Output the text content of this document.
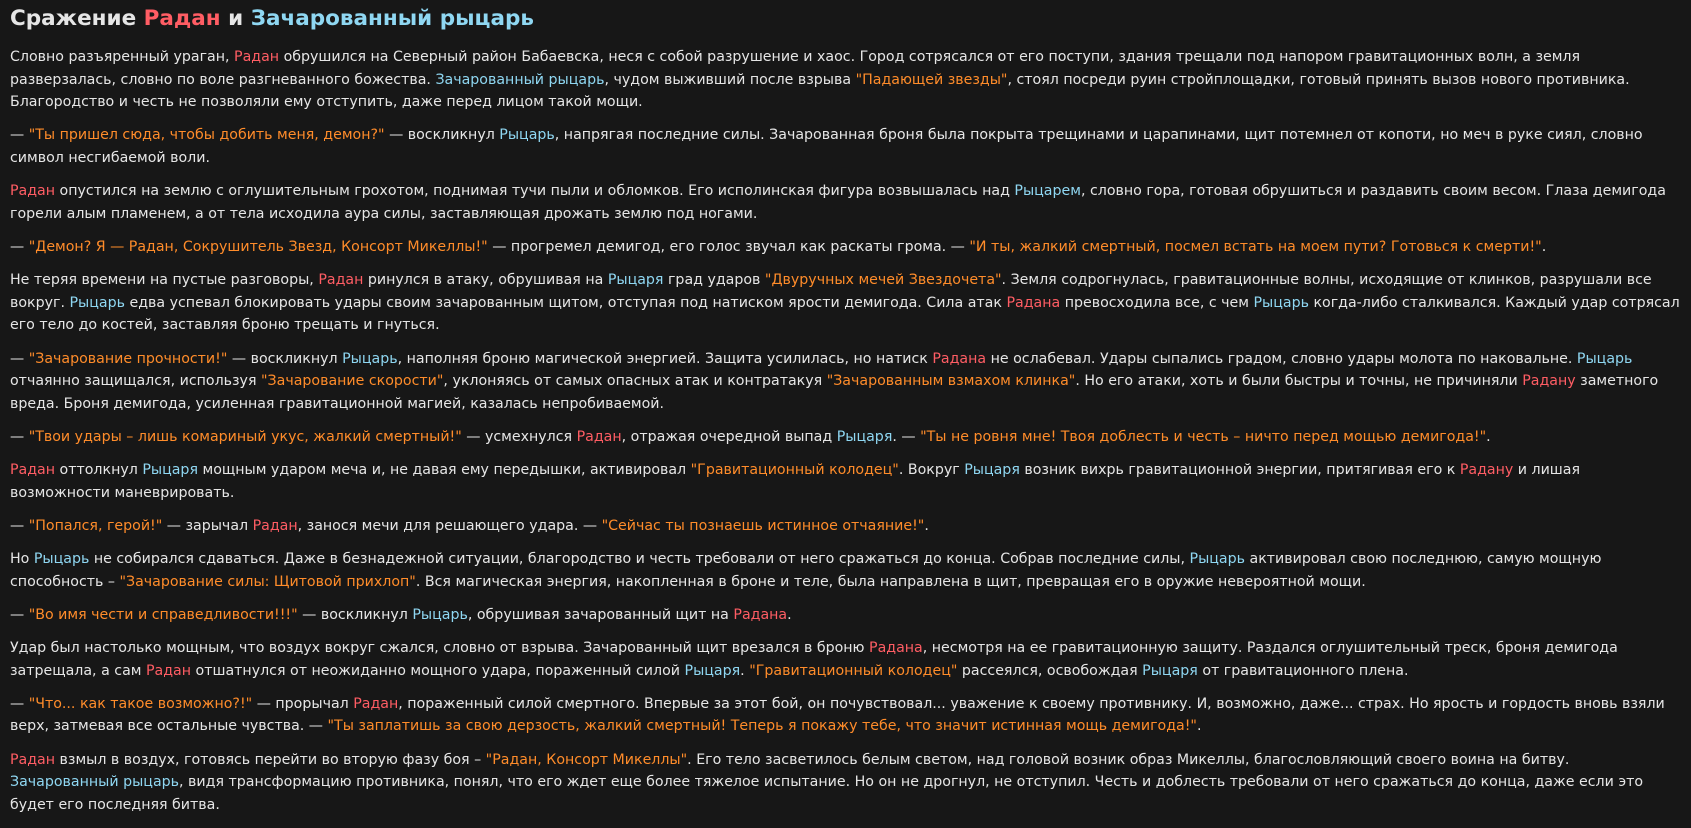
Сражение Радан и Зачарованный рыцарь

Словно разъяренный ураган, Радан обрушился на Северный район Бабаевска, неся с собой разрушение и хаос. Город сотрясался от его поступи, здания трещали под напором гравитационных волн, а земля разверзалась, словно по воле разгневанного божества. Зачарованный рыцарь, чудом выживший после взрыва "Падающей звезды", стоял посреди руин стройплощадки, готовый принять вызов нового противника. Благородство и честь не позволяли ему отступить, даже перед лицом такой мощи.

— "Ты пришел сюда, чтобы добить меня, демон?" — воскликнул Рыцарь, напрягая последние силы. Зачарованная броня была покрыта трещинами и царапинами, щит потемнел от копоти, но меч в руке сиял, словно символ несгибаемой воли.

Радан опустился на землю с оглушительным грохотом, поднимая тучи пыли и обломков. Его исполинская фигура возвышалась над Рыцарем, словно гора, готовая обрушиться и раздавить своим весом. Глаза демигода горели алым пламенем, а от тела исходила аура силы, заставляющая дрожать землю под ногами.

— "Демон? Я — Радан, Сокрушитель Звезд, Консорт Микеллы!" — прогремел демигод, его голос звучал как раскаты грома. — "И ты, жалкий смертный, посмел встать на моем пути? Готовься к смерти!".

Не теряя времени на пустые разговоры, Радан ринулся в атаку, обрушивая на Рыцаря град ударов "Двуручных мечей Звездочета". Земля содрогнулась, гравитационные волны, исходящие от клинков, разрушали все вокруг. Рыцарь едва успевал блокировать удары своим зачарованным щитом, отступая под натиском ярости демигода. Сила атак Радана превосходила все, с чем Рыцарь когда-либо сталкивался. Каждый удар сотрясал его тело до костей, заставляя броню трещать и гнуться.

— "Зачарование прочности!" — воскликнул Рыцарь, наполняя броню магической энергией. Защита усилилась, но натиск Радана не ослабевал. Удары сыпались градом, словно удары молота по наковальне. Рыцарь отчаянно защищался, используя "Зачарование скорости", уклоняясь от самых опасных атак и контратакуя "Зачарованным взмахом клинка". Но его атаки, хоть и были быстры и точны, не причиняли Радану заметного вреда. Броня демигода, усиленная гравитационной магией, казалась непробиваемой.

— "Твои удары – лишь комариный укус, жалкий смертный!" — усмехнулся Радан, отражая очередной выпад Рыцаря. — "Ты не ровня мне! Твоя доблесть и честь – ничто перед мощью демигода!".

Радан оттолкнул Рыцаря мощным ударом меча и, не давая ему передышки, активировал "Гравитационный колодец". Вокруг Рыцаря возник вихрь гравитационной энергии, притягивая его к Радану и лишая возможности маневрировать.

— "Попался, герой!" — зарычал Радан, занося мечи для решающего удара. — "Сейчас ты познаешь истинное отчаяние!".

Но Рыцарь не собирался сдаваться. Даже в безнадежной ситуации, благородство и честь требовали от него сражаться до конца. Собрав последние силы, Рыцарь активировал свою последнюю, самую мощную способность – "Зачарование силы: Щитовой прихлоп". Вся магическая энергия, накопленная в броне и теле, была направлена в щит, превращая его в оружие невероятной мощи.

— "Во имя чести и справедливости!!!" — воскликнул Рыцарь, обрушивая зачарованный щит на Радана.

Удар был настолько мощным, что воздух вокруг сжался, словно от взрыва. Зачарованный щит врезался в броню Радана, несмотря на ее гравитационную защиту. Раздался оглушительный треск, броня демигода затрещала, а сам Радан отшатнулся от неожиданно мощного удара, пораженный силой Рыцаря. "Гравитационный колодец" рассеялся, освобождая Рыцаря от гравитационного плена.

— "Что... как такое возможно?!" — прорычал Радан, пораженный силой смертного. Впервые за этот бой, он почувствовал... уважение к своему противнику. И, возможно, даже... страх. Но ярость и гордость вновь взяли верх, затмевая все остальные чувства. — "Ты заплатишь за свою дерзость, жалкий смертный! Теперь я покажу тебе, что значит истинная мощь демигода!".

Радан взмыл в воздух, готовясь перейти во вторую фазу боя – "Радан, Консорт Микеллы". Его тело засветилось белым светом, над головой возник образ Микеллы, благословляющий своего воина на битву. Зачарованный рыцарь, видя трансформацию противника, понял, что его ждет еще более тяжелое испытание. Но он не дрогнул, не отступил. Честь и доблесть требовали от него сражаться до конца, даже если это будет его последняя битва.
